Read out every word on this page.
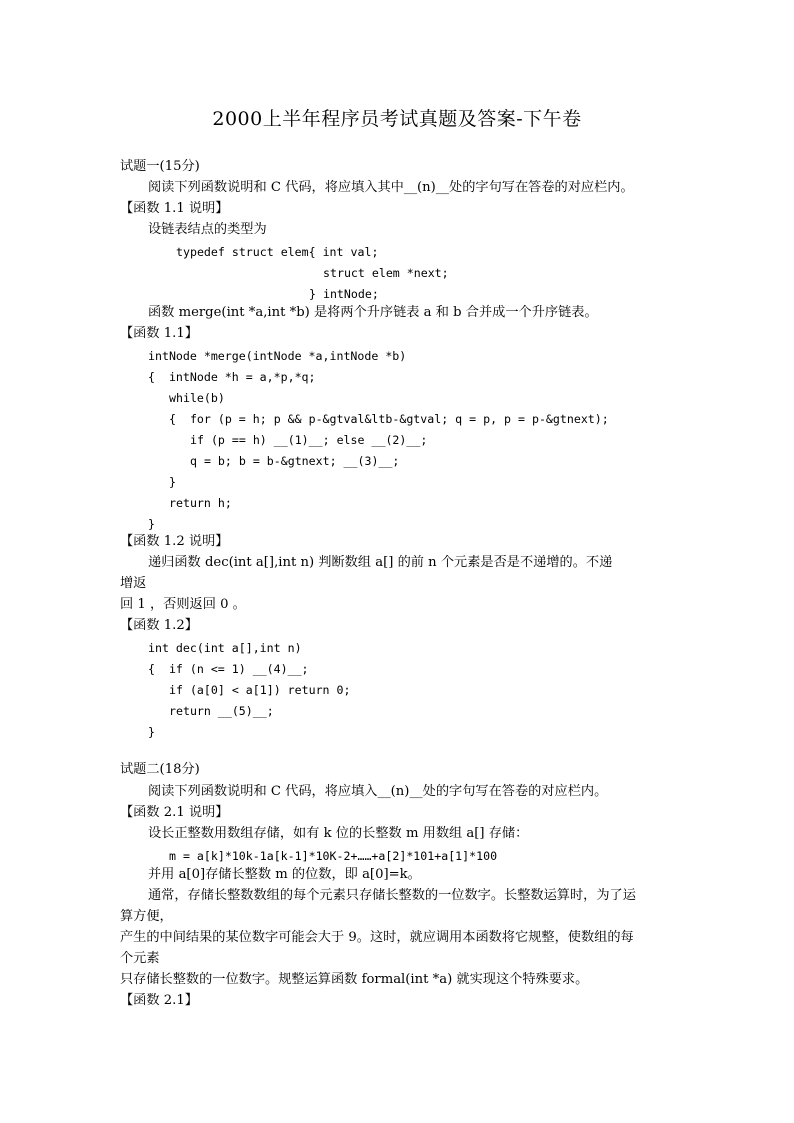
2000上半年程序员考试真题及答案-下午卷
试题一(15分)
阅读下列函数说明和 C 代码，将应填入其中__(n)__处的字句写在答卷的对应栏内。
【函数 1.1 说明】
设链表结点的类型为
typedef struct elem{ int val;
struct elem *next;
} intNode;
函数 merge(int *a,int *b) 是将两个升序链表 a 和 b 合并成一个升序链表。
【函数 1.1】
intNode *merge(intNode *a,intNode *b)
{  intNode *h = a,*p,*q;
while(b)
{  for (p = h; p && p-&gtval&ltb-&gtval; q = p, p = p-&gtnext);
if (p == h) __(1)__; else __(2)__;
q = b; b = b-&gtnext; __(3)__;
}
return h;
}
【函数 1.2 说明】
递归函数 dec(int a[],int n) 判断数组 a[] 的前 n 个元素是否是不递增的。不递
增返
回 1 ，否则返回 0 。
【函数 1.2】
int dec(int a[],int n)
{  if (n <= 1) __(4)__;
if (a[0] < a[1]) return 0;
return __(5)__;
}
试题二(18分)
阅读下列函数说明和 C 代码，将应填入__(n)__处的字句写在答卷的对应栏内。
【函数 2.1 说明】
设长正整数用数组存储，如有 k 位的长整数 m 用数组 a[] 存储：
m = a[k]*10k-1a[k-1]*10K-2+……+a[2]*101+a[1]*100
并用 a[0]存储长整数 m 的位数，即 a[0]=k。
通常，存储长整数数组的每个元素只存储长整数的一位数字。长整数运算时，为了运
算方便，
产生的中间结果的某位数字可能会大于 9。这时，就应调用本函数将它规整，使数组的每
个元素
只存储长整数的一位数字。规整运算函数 formal(int *a) 就实现这个特殊要求。
【函数 2.1】
